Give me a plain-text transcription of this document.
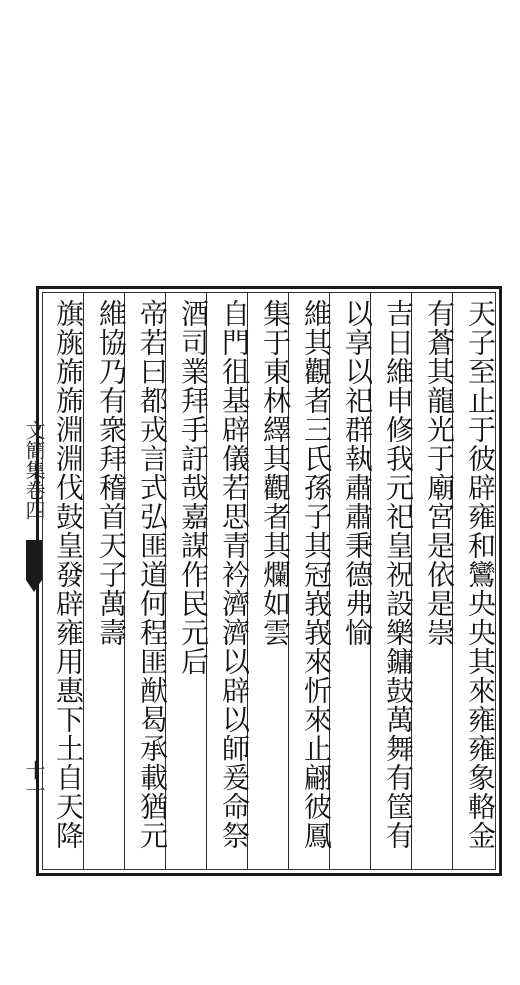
文簡集卷四
十一
天子至止于彼辟雍和鸞央央其來雍雍象輅金
有蒼其龍光于廟宮是依是崇
吉日維申修我元祀皇祝設樂鏞鼓萬舞有筐有
以享以祀群執肅肅秉德弗愉
維其觀者三氏孫子其冠峩峩來忻來止翩彼鳳
集于東林繹其觀者其爛如雲
自門徂基辟儀若思青衿濟濟以辟以師爰命祭
酒司業拜手訏哉嘉謀作民元后
帝若曰都戎言式弘匪道何程匪猷曷承載猶元
維協乃有衆拜稽首天子萬壽
旗旐旆旆淵淵伐鼓皇發辟雍用惠下土自天降
